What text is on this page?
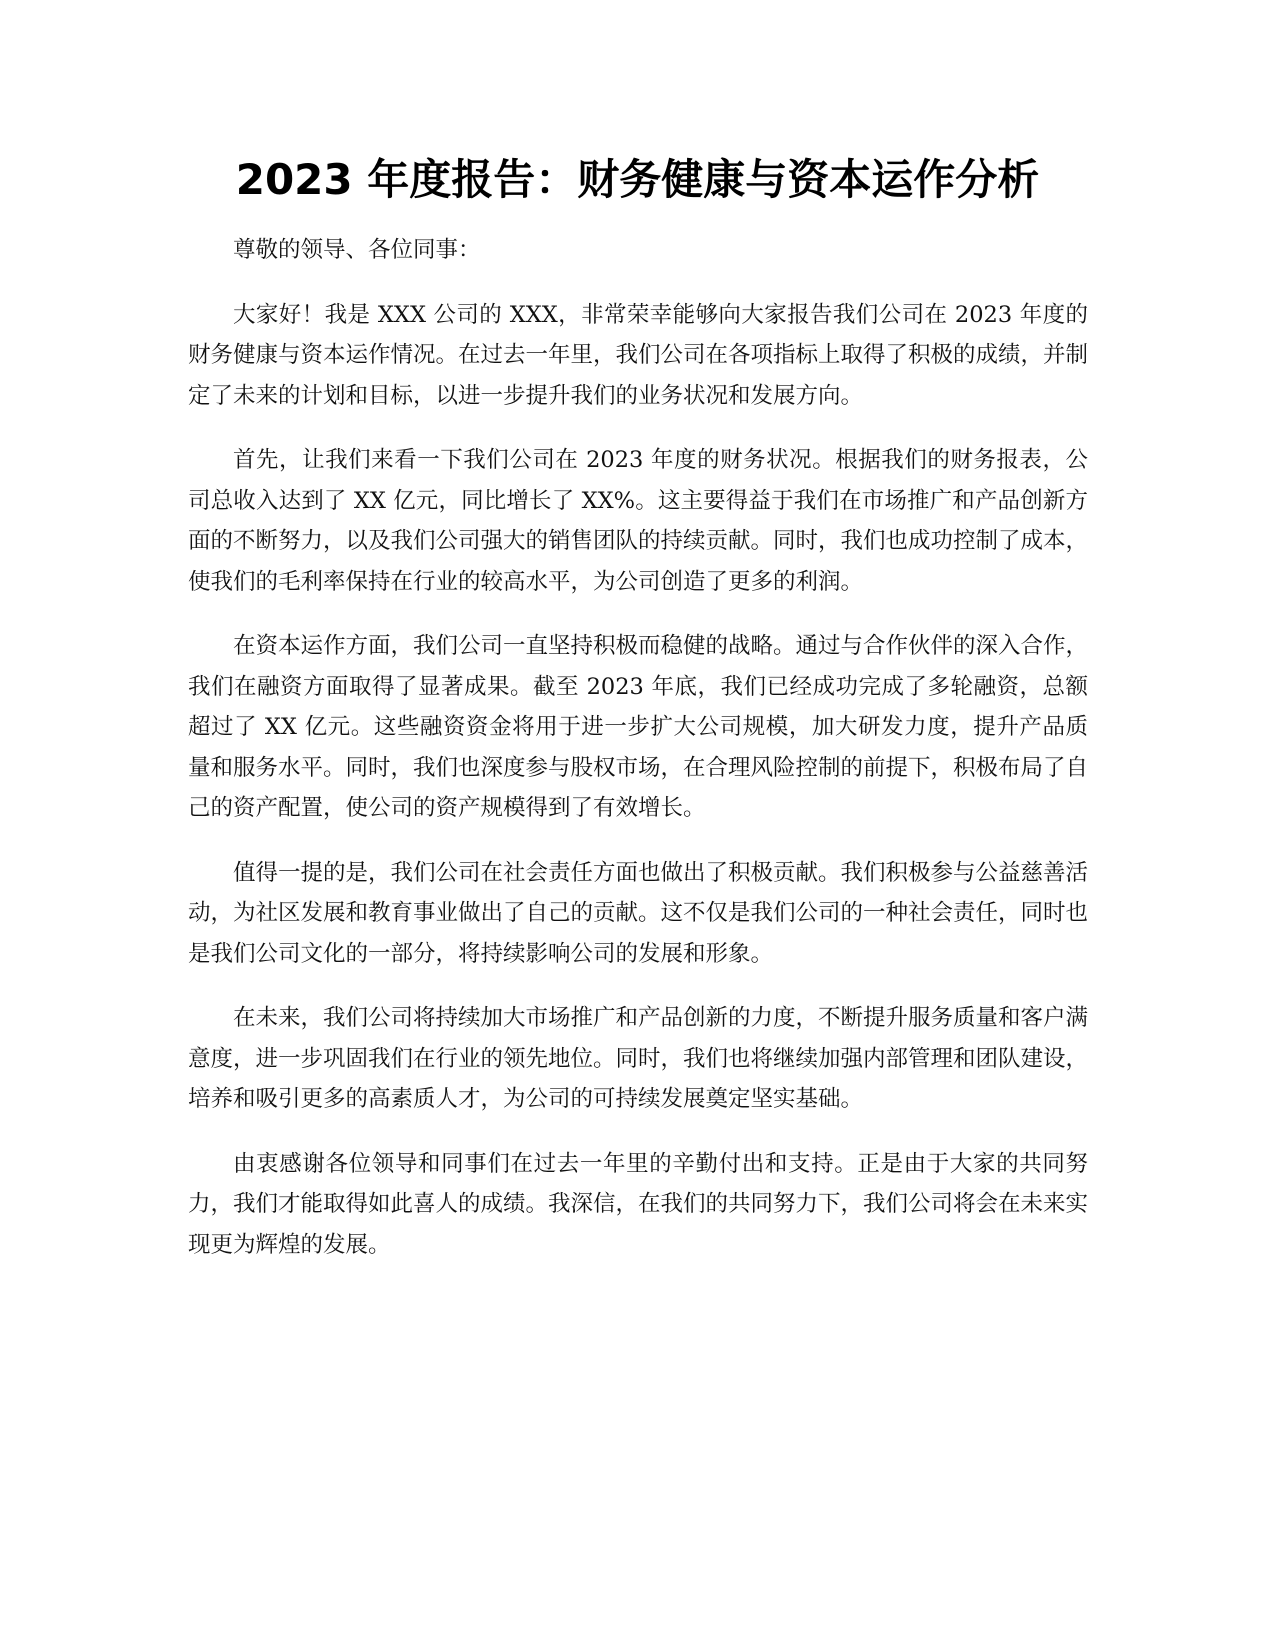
2023 年度报告：财务健康与资本运作分析

尊敬的领导、各位同事：

大家好！我是 XXX 公司的 XXX，非常荣幸能够向大家报告我们公司在 2023 年度的财务健康与资本运作情况。在过去一年里，我们公司在各项指标上取得了积极的成绩，并制定了未来的计划和目标，以进一步提升我们的业务状况和发展方向。

首先，让我们来看一下我们公司在 2023 年度的财务状况。根据我们的财务报表，公司总收入达到了 XX 亿元，同比增长了 XX%。这主要得益于我们在市场推广和产品创新方面的不断努力，以及我们公司强大的销售团队的持续贡献。同时，我们也成功控制了成本，使我们的毛利率保持在行业的较高水平，为公司创造了更多的利润。

在资本运作方面，我们公司一直坚持积极而稳健的战略。通过与合作伙伴的深入合作，我们在融资方面取得了显著成果。截至 2023 年底，我们已经成功完成了多轮融资，总额超过了 XX 亿元。这些融资资金将用于进一步扩大公司规模，加大研发力度，提升产品质量和服务水平。同时，我们也深度参与股权市场，在合理风险控制的前提下，积极布局了自己的资产配置，使公司的资产规模得到了有效增长。

值得一提的是，我们公司在社会责任方面也做出了积极贡献。我们积极参与公益慈善活动，为社区发展和教育事业做出了自己的贡献。这不仅是我们公司的一种社会责任，同时也是我们公司文化的一部分，将持续影响公司的发展和形象。

在未来，我们公司将持续加大市场推广和产品创新的力度，不断提升服务质量和客户满意度，进一步巩固我们在行业的领先地位。同时，我们也将继续加强内部管理和团队建设，培养和吸引更多的高素质人才，为公司的可持续发展奠定坚实基础。

由衷感谢各位领导和同事们在过去一年里的辛勤付出和支持。正是由于大家的共同努力，我们才能取得如此喜人的成绩。我深信，在我们的共同努力下，我们公司将会在未来实现更为辉煌的发展。
